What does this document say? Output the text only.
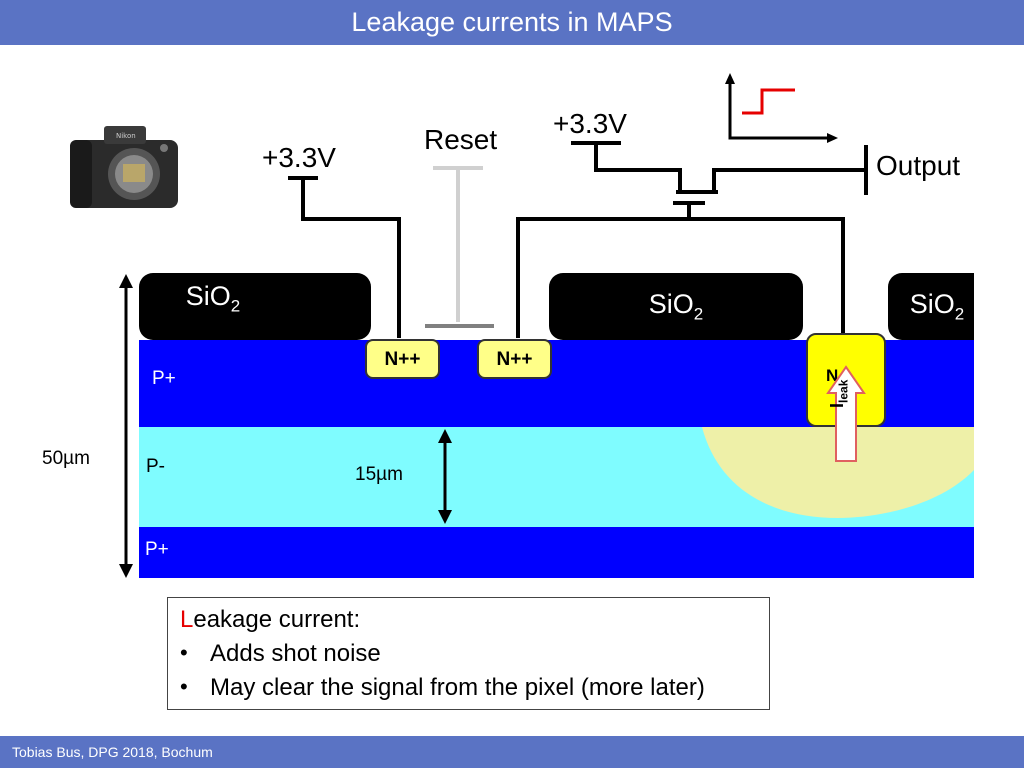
Leakage currents in MAPS
Nikon
SiO$_2$	SiO$_2$	SiO$_2$
N++	N++
N
$I_{leak}$
P+
P-
P+
50µm
15µm
+3.3V
Reset
+3.3V
Output
Leakage current:
• Adds shot noise
• May clear the signal from the pixel (more later)
Tobias Bus, DPG 2018, Bochum
